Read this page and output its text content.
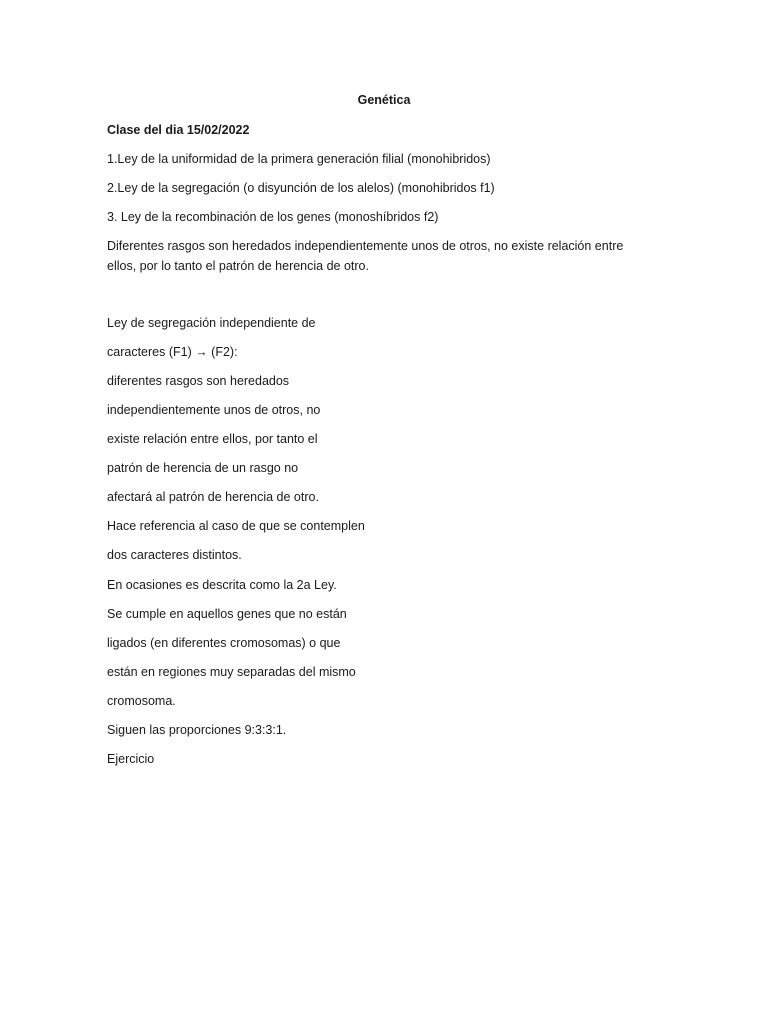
Genética
Clase del dia 15/02/2022
1.Ley de la uniformidad de la primera generación filial (monohibridos)
2.Ley de la segregación (o disyunción de los alelos) (monohibridos f1)
3. Ley de la recombinación de los genes (monoshíbridos f2)
Diferentes rasgos son heredados independientemente unos de otros, no existe relación entre ellos, por lo tanto el patrón de herencia de otro.
Ley de segregación independiente de
caracteres (F1) → (F2):
diferentes rasgos son heredados
independientemente unos de otros, no
existe relación entre ellos, por tanto el
patrón de herencia de un rasgo no
afectará al patrón de herencia de otro.
Hace referencia al caso de que se contemplen
dos caracteres distintos.
En ocasiones es descrita como la 2a Ley.
Se cumple en aquellos genes que no están
ligados (en diferentes cromosomas) o que
están en regiones muy separadas del mismo
cromosoma.
Siguen las proporciones 9:3:3:1.
Ejercicio
